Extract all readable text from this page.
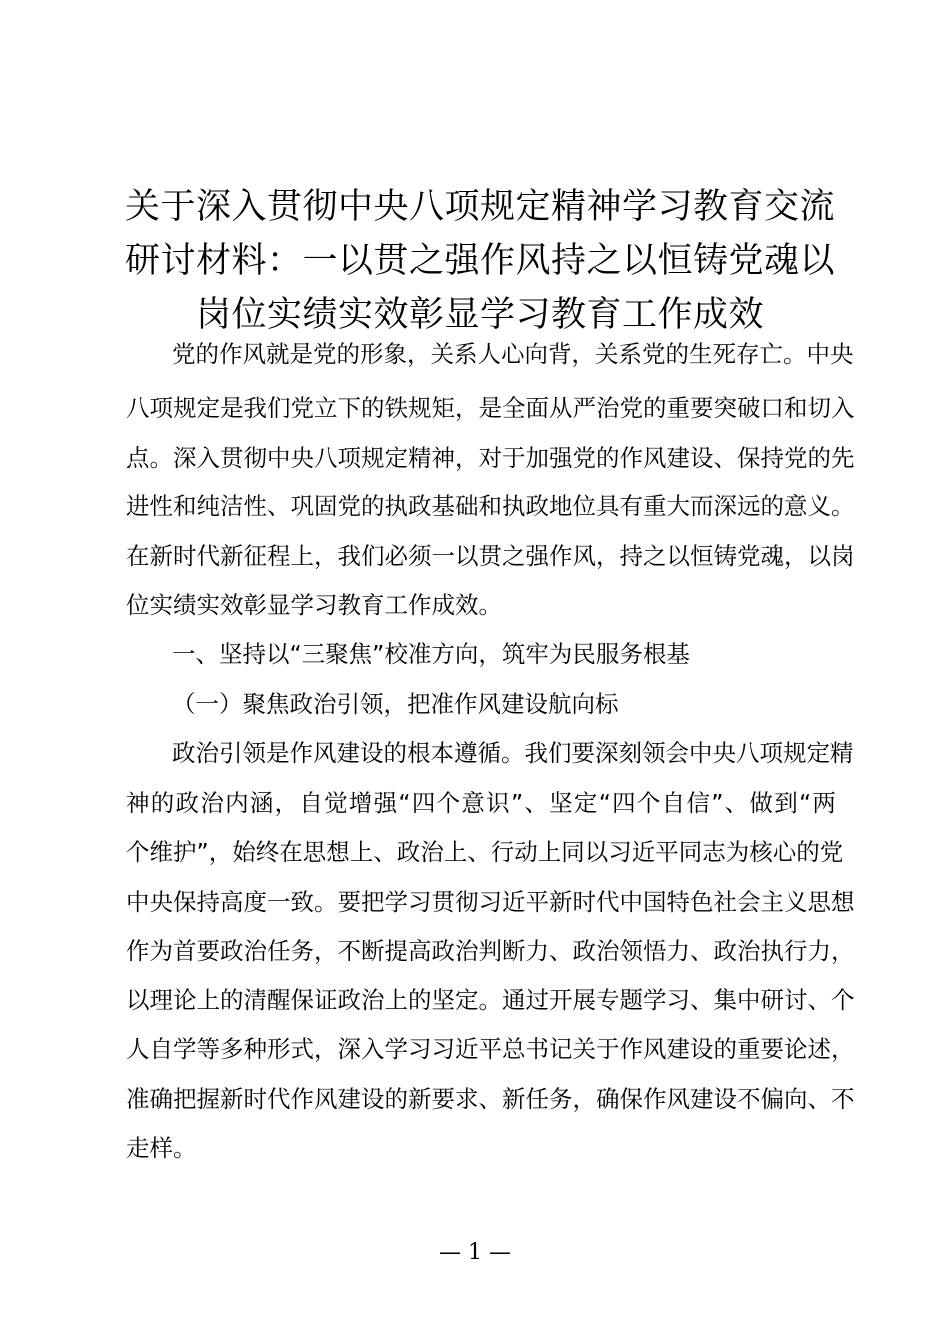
关于深入贯彻中央八项规定精神学习教育交流
研讨材料：一以贯之强作风持之以恒铸党魂以
岗位实绩实效彰显学习教育工作成效
党 的 作 风 就 是 党 的 形 象 ， 关 系 人 心 向 背 ， 关 系 党 的 生 死 存 亡 。 中 央
八 项 规 定 是 我 们 党 立 下 的 铁 规 矩 ， 是 全 面 从 严 治 党 的 重 要 突 破 口 和 切 入
点 。 深 入 贯 彻 中 央 八 项 规 定 精 神 ， 对 于 加 强 党 的 作 风 建 设 、 保 持 党 的 先
进 性 和 纯 洁 性 、 巩 固 党 的 执 政 基 础 和 执 政 地 位 具 有 重 大 而 深 远 的 意 义 。
在 新 时 代 新 征 程 上 ， 我 们 必 须 一 以 贯 之 强 作 风 ， 持 之 以 恒 铸 党 魂 ， 以 岗
位实绩实效彰显学习教育工作成效。
一、坚持以“三聚焦”校准方向，筑牢为民服务根基
（一）聚焦政治引领，把准作风建设航向标
政 治 引 领 是 作 风 建 设 的 根 本 遵 循 。 我 们 要 深 刻 领 会 中 央 八 项 规 定 精
神 的 政 治 内 涵 ， 自 觉 增 强 “ 四 个 意 识 ” 、 坚 定 “ 四 个 自 信 ” 、 做 到 “ 两
个 维 护 ” ， 始 终 在 思 想 上 、 政 治 上 、 行 动 上 同 以 习 近 平 同 志 为 核 心 的 党
中 央 保 持 高 度 一 致 。 要 把 学 习 贯 彻 习 近 平 新 时 代 中 国 特 色 社 会 主 义 思 想
作 为 首 要 政 治 任 务 ， 不 断 提 高 政 治 判 断 力 、 政 治 领 悟 力 、 政 治 执 行 力 ，
以 理 论 上 的 清 醒 保 证 政 治 上 的 坚 定 。 通 过 开 展 专 题 学 习 、 集 中 研 讨 、 个
人 自 学 等 多 种 形 式 ， 深 入 学 习 习 近 平 总 书 记 关 于 作 风 建 设 的 重 要 论 述 ，
准 确 把 握 新 时 代 作 风 建 设 的 新 要 求 、 新 任 务 ， 确 保 作 风 建 设 不 偏 向 、 不
走样。
— 1 —
